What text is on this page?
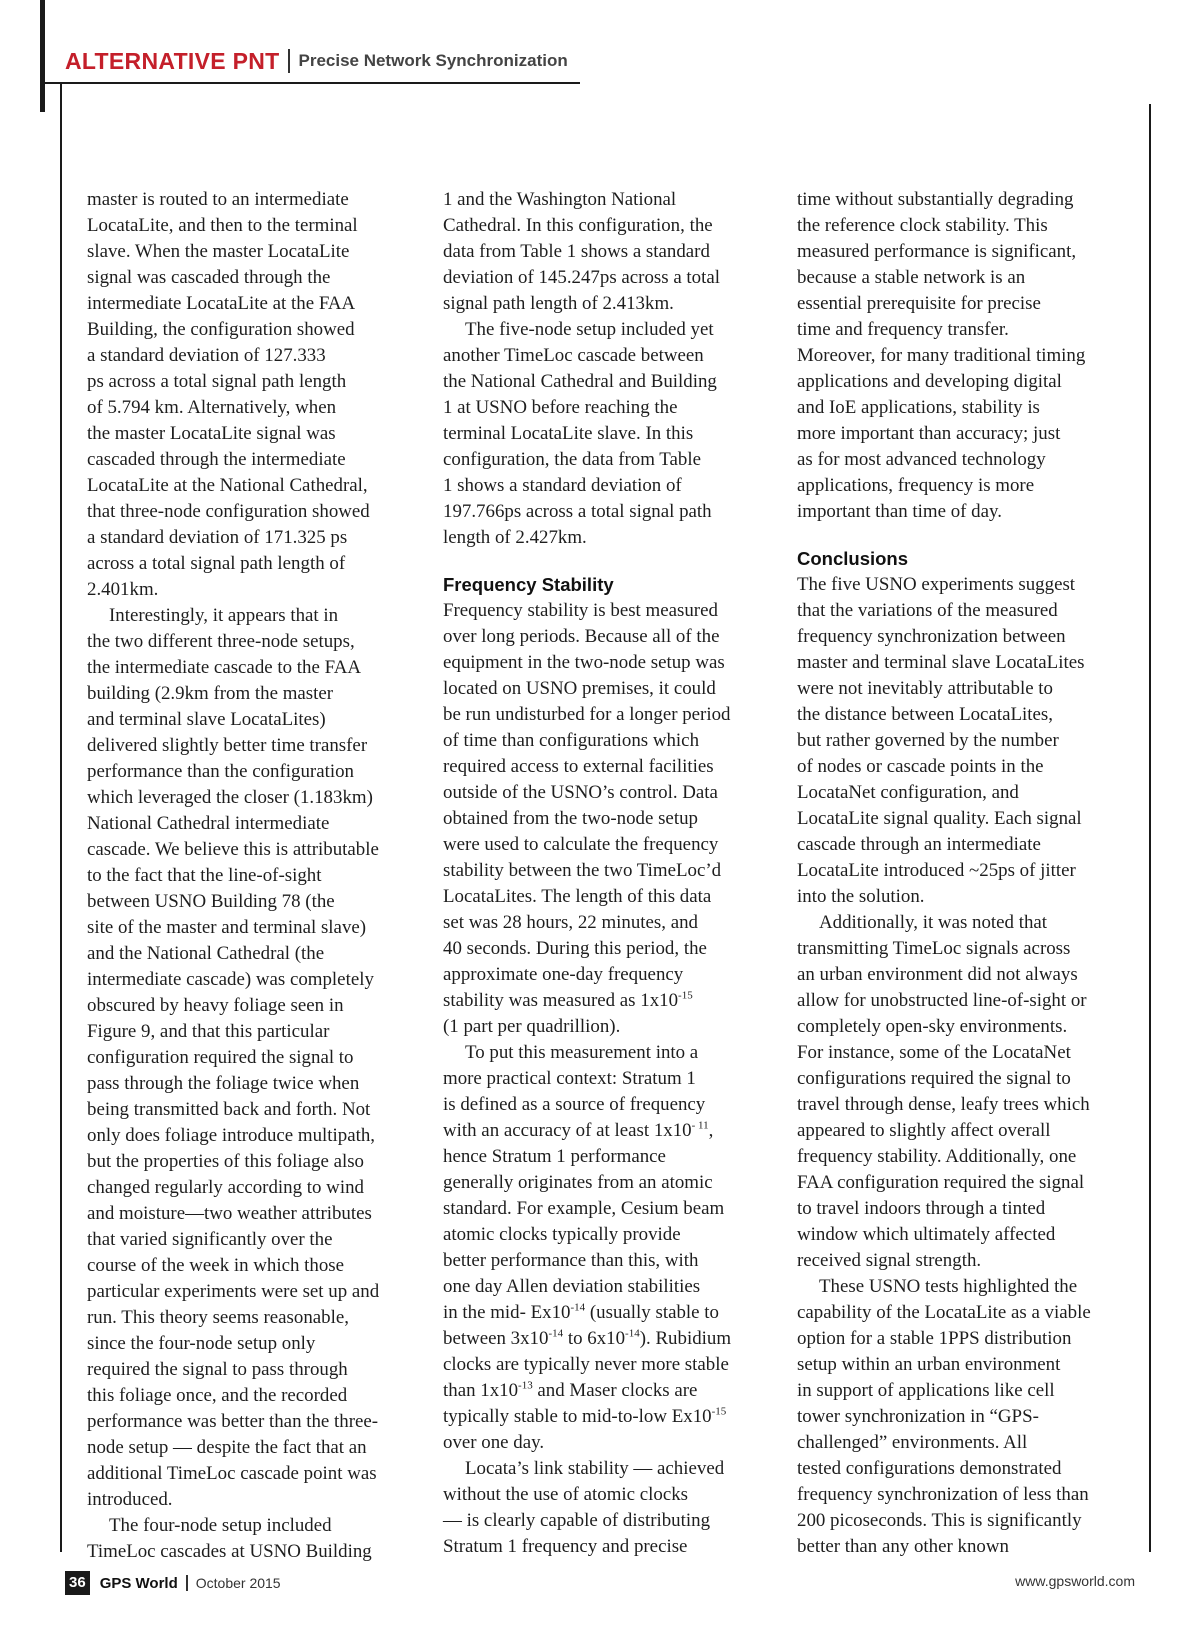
ALTERNATIVE PNT Precise Network Synchronization

master is routed to an intermediate

LocataLite, and then to the terminal

slave. When the master LocataLite

signal was cascaded through the

intermediate LocataLite at the FAA

Building, the configuration showed

a standard deviation of 127.333

ps across a total signal path length

of 5.794 km. Alternatively, when

the master LocataLite signal was

cascaded through the intermediate

LocataLite at the National Cathedral,

that three-node configuration showed

a standard deviation of 171.325 ps

across a total signal path length of

2.401km.

Interestingly, it appears that in

the two different three-node setups,

the intermediate cascade to the FAA

building (2.9km from the master

and terminal slave LocataLites)

delivered slightly better time transfer

performance than the configuration

which leveraged the closer (1.183km)

National Cathedral intermediate

cascade. We believe this is attributable

to the fact that the line-of-sight

between USNO Building 78 (the

site of the master and terminal slave)

and the National Cathedral (the

intermediate cascade) was completely

obscured by heavy foliage seen in

Figure 9, and that this particular

configuration required the signal to

pass through the foliage twice when

being transmitted back and forth. Not

only does foliage introduce multipath,

but the properties of this foliage also

changed regularly according to wind

and moisture—two weather attributes

that varied significantly over the

course of the week in which those

particular experiments were set up and

run. This theory seems reasonable,

since the four-node setup only

required the signal to pass through

this foliage once, and the recorded

performance was better than the three-

node setup — despite the fact that an

additional TimeLoc cascade point was

introduced.

The four-node setup included

TimeLoc cascades at USNO Building

1 and the Washington National

Cathedral. In this configuration, the

data from Table 1 shows a standard

deviation of 145.247ps across a total

signal path length of 2.413km.

The five-node setup included yet

another TimeLoc cascade between

the National Cathedral and Building

1 at USNO before reaching the

terminal LocataLite slave. In this

configuration, the data from Table

1 shows a standard deviation of

197.766ps across a total signal path

length of 2.427km.

Frequency Stability

Frequency stability is best measured

over long periods. Because all of the

equipment in the two-node setup was

located on USNO premises, it could

be run undisturbed for a longer period

of time than configurations which

required access to external facilities

outside of the USNO’s control. Data

obtained from the two-node setup

were used to calculate the frequency

stability between the two TimeLoc’d

LocataLites. The length of this data

set was 28 hours, 22 minutes, and

40 seconds. During this period, the

approximate one-day frequency

stability was measured as $1x10^{-15}$

(1 part per quadrillion).

To put this measurement into a

more practical context: Stratum 1

is defined as a source of frequency

with an accuracy of at least $1x10^{- 11}$,

hence Stratum 1 performance

generally originates from an atomic

standard. For example, Cesium beam

atomic clocks typically provide

better performance than this, with

one day Allen deviation stabilities

in the mid- $Ex10^{-14}$ (usually stable to

between $3x10^{-14}$ to $6x10^{-14}$). Rubidium

clocks are typically never more stable

than $1x10^{-13}$ and Maser clocks are

typically stable to mid-to-low $Ex10^{-15}$

over one day.

Locata’s link stability — achieved

without the use of atomic clocks

— is clearly capable of distributing

Stratum 1 frequency and precise

time without substantially degrading

the reference clock stability. This

measured performance is significant,

because a stable network is an

essential prerequisite for precise

time and frequency transfer.

Moreover, for many traditional timing

applications and developing digital

and IoE applications, stability is

more important than accuracy; just

as for most advanced technology

applications, frequency is more

important than time of day.

Conclusions

The five USNO experiments suggest

that the variations of the measured

frequency synchronization between

master and terminal slave LocataLites

were not inevitably attributable to

the distance between LocataLites,

but rather governed by the number

of nodes or cascade points in the

LocataNet configuration, and

LocataLite signal quality. Each signal

cascade through an intermediate

LocataLite introduced ~25ps of jitter

into the solution.

Additionally, it was noted that

transmitting TimeLoc signals across

an urban environment did not always

allow for unobstructed line-of-sight or

completely open-sky environments.

For instance, some of the LocataNet

configurations required the signal to

travel through dense, leafy trees which

appeared to slightly affect overall

frequency stability. Additionally, one

FAA configuration required the signal

to travel indoors through a tinted

window which ultimately affected

received signal strength.

These USNO tests highlighted the

capability of the LocataLite as a viable

option for a stable 1PPS distribution

setup within an urban environment

in support of applications like cell

tower synchronization in “GPS-

challenged” environments. All

tested configurations demonstrated

frequency synchronization of less than

200 picoseconds. This is significantly

better than any other known

36 GPS World October 2015	www.gpsworld.com
